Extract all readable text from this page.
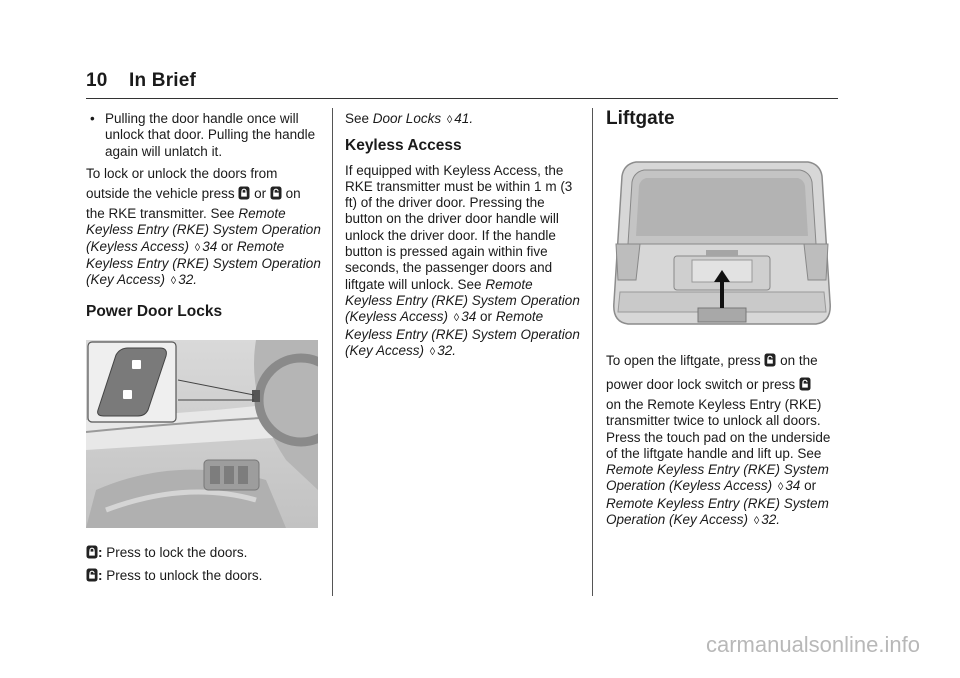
10 In Brief

• Pulling the door handle once will unlock that door. Pulling the handle again will unlatch it.

To lock or unlock the doors from
outside the vehicle press or on
the RKE transmitter. See Remote Keyless Entry (RKE) System Operation (Keyless Access) ◊ 34 or Remote Keyless Entry (RKE) System Operation (Key Access) ◊ 32.

Power Door Locks

: Press to lock the doors.

: Press to unlock the doors.

See Door Locks ◊ 41.

Keyless Access

If equipped with Keyless Access, the RKE transmitter must be within 1 m (3 ft) of the driver door. Pressing the button on the driver door handle will unlock the driver door. If the handle button is pressed again within five seconds, the passenger doors and liftgate will unlock. See Remote Keyless Entry (RKE) System Operation (Keyless Access) ◊ 34 or Remote Keyless Entry (RKE) System Operation (Key Access) ◊ 32.

Liftgate

To open the liftgate, press on the
power door lock switch or press

on the Remote Keyless Entry (RKE) transmitter twice to unlock all doors. Press the touch pad on the underside of the liftgate handle and lift up. See Remote Keyless Entry (RKE) System Operation (Keyless Access) ◊ 34 or Remote Keyless Entry (RKE) System Operation (Key Access) ◊ 32.

carmanualsonline.info
